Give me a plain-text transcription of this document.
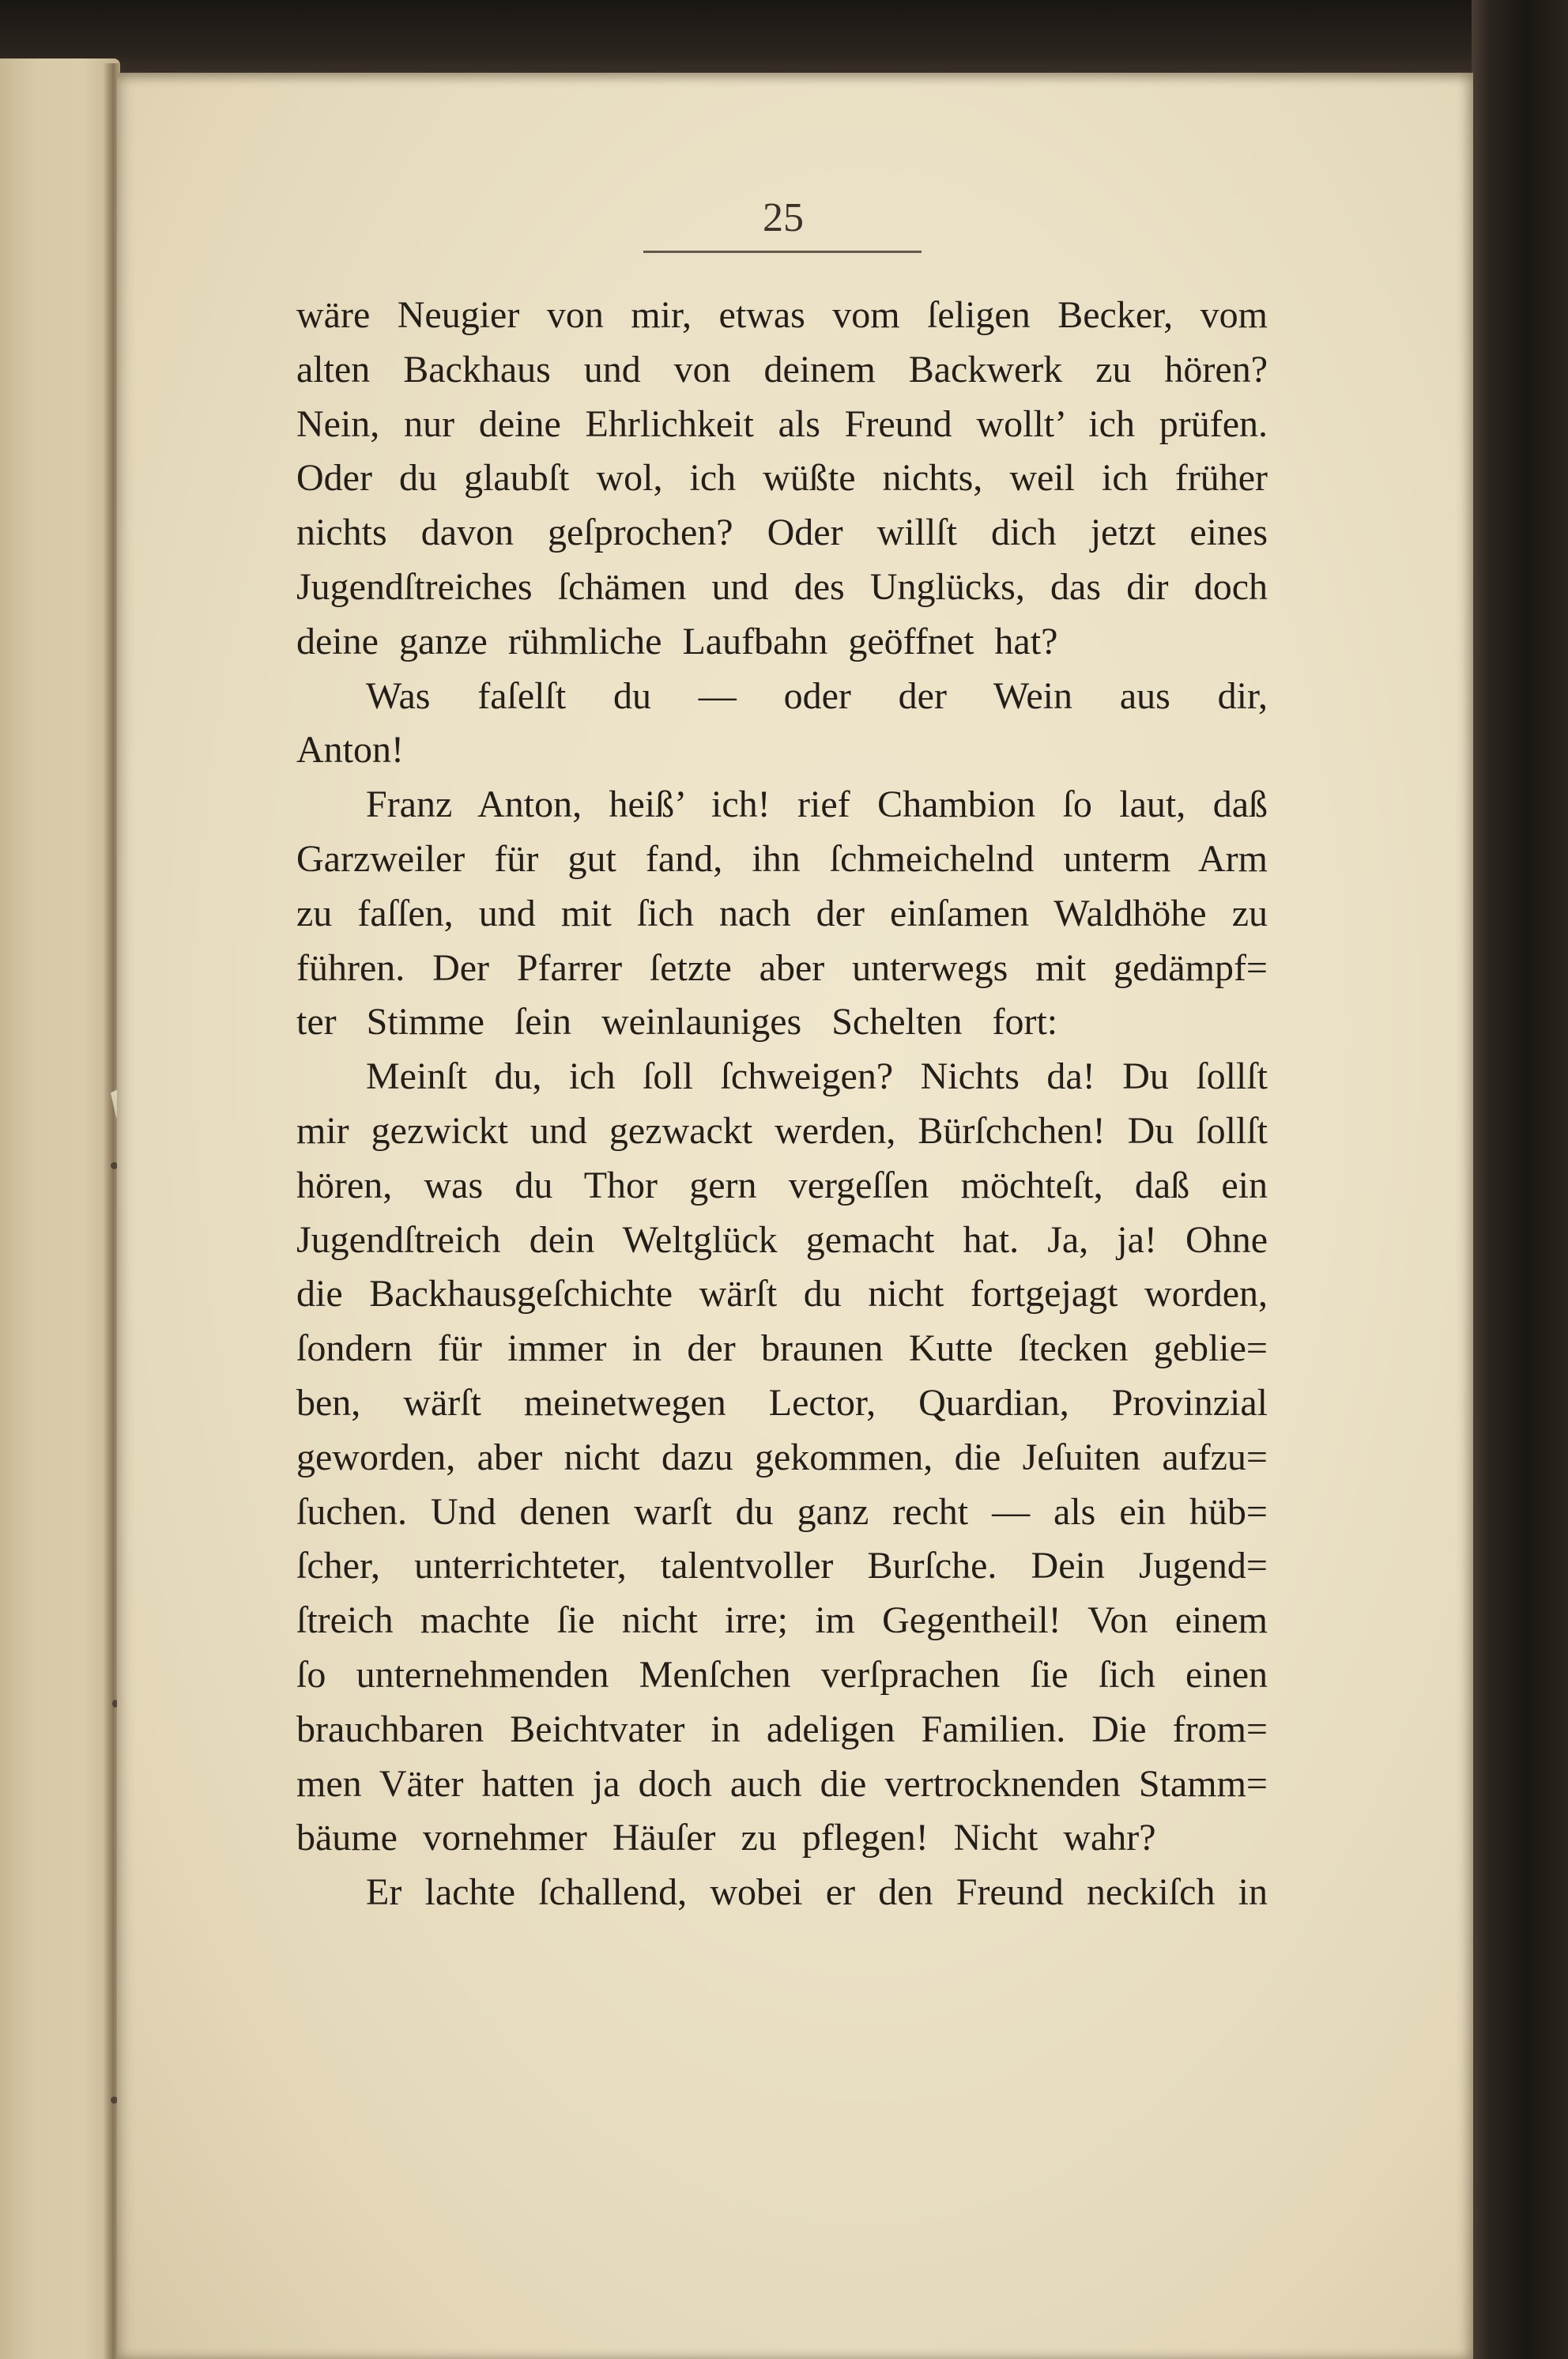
25
wäre Neugier von mir, etwas vom ſeligen Becker, vom
alten Backhaus und von deinem Backwerk zu hören?
Nein, nur deine Ehrlichkeit als Freund wollt’ ich prüfen.
Oder du glaubſt wol, ich wüßte nichts, weil ich früher
nichts davon geſprochen? Oder willſt dich jetzt eines
Jugendſtreiches ſchämen und des Unglücks, das dir doch
deine ganze rühmliche Laufbahn geöffnet hat?
Was faſelſt du — oder der Wein aus dir,
Anton!
Franz Anton, heiß’ ich! rief Chambion ſo laut, daß
Garzweiler für gut fand, ihn ſchmeichelnd unterm Arm
zu faſſen, und mit ſich nach der einſamen Waldhöhe zu
führen. Der Pfarrer ſetzte aber unterwegs mit gedämpf=
ter Stimme ſein weinlauniges Schelten fort:
Meinſt du, ich ſoll ſchweigen? Nichts da! Du ſollſt
mir gezwickt und gezwackt werden, Bürſchchen! Du ſollſt
hören, was du Thor gern vergeſſen möchteſt, daß ein
Jugendſtreich dein Weltglück gemacht hat. Ja, ja! Ohne
die Backhausgeſchichte wärſt du nicht fortgejagt worden,
ſondern für immer in der braunen Kutte ſtecken geblie=
ben, wärſt meinetwegen Lector, Quardian, Provinzial
geworden, aber nicht dazu gekommen, die Jeſuiten aufzu=
ſuchen. Und denen warſt du ganz recht — als ein hüb=
ſcher, unterrichteter, talentvoller Burſche. Dein Jugend=
ſtreich machte ſie nicht irre; im Gegentheil! Von einem
ſo unternehmenden Menſchen verſprachen ſie ſich einen
brauchbaren Beichtvater in adeligen Familien. Die from=
men Väter hatten ja doch auch die vertrocknenden Stamm=
bäume vornehmer Häuſer zu pflegen! Nicht wahr?
Er lachte ſchallend, wobei er den Freund neckiſch in
